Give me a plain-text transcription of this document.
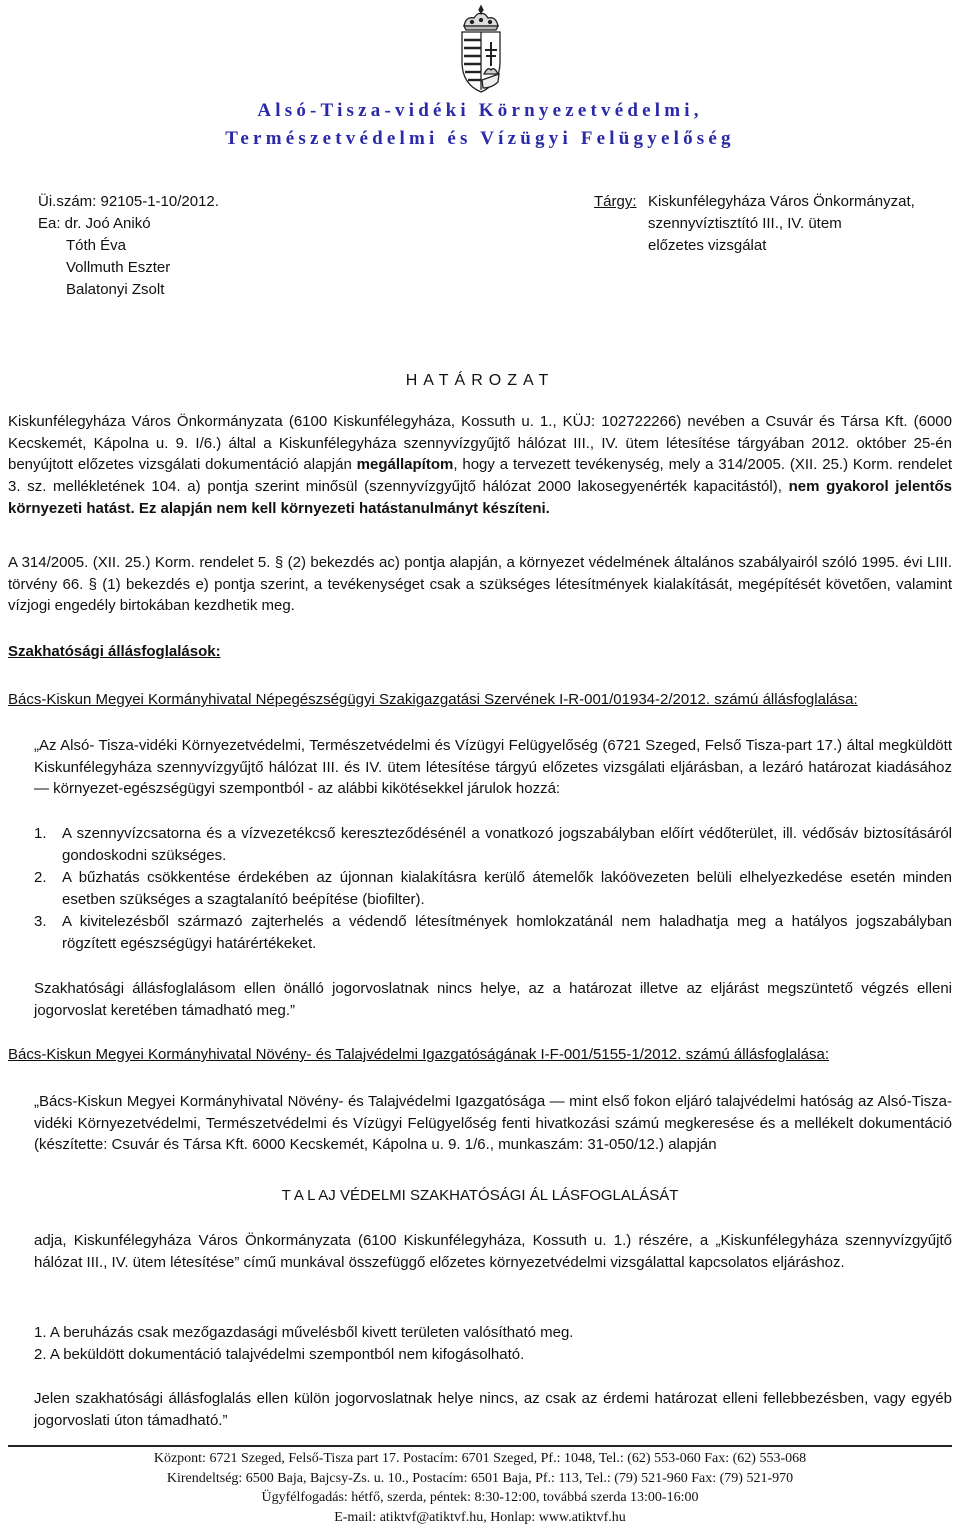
Alsó-Tisza-vidéki Környezetvédelmi,
Természetvédelmi és Vízügyi Felügyelőség
Üi.szám: 92105-1-10/2012.
Ea: dr. Joó Anikó
Tóth Éva
Vollmuth Eszter
Balatonyi Zsolt
Tárgy: Kiskunfélegyháza Város Önkormányzat,
szennyvíztisztító III., IV. ütem
előzetes vizsgálat
HATÁROZAT
Kiskunfélegyháza Város Önkormányzata (6100 Kiskunfélegyháza, Kossuth u. 1., KÜJ: 102722266) nevében a Csuvár és Társa Kft. (6000 Kecskemét, Kápolna u. 9. I/6.) által a Kiskunfélegyháza szennyvízgyűjtő hálózat III., IV. ütem létesítése tárgyában 2012. október 25-én benyújtott előzetes vizsgálati dokumentáció alapján megállapítom, hogy a tervezett tevékenység, mely a 314/2005. (XII. 25.) Korm. rendelet 3. sz. mellékletének 104. a) pontja szerint minősül (szennyvízgyűjtő hálózat 2000 lakosegyenérték kapacitástól), nem gyakorol jelentős környezeti hatást. Ez alapján nem kell környezeti hatástanulmányt készíteni.
A 314/2005. (XII. 25.) Korm. rendelet 5. § (2) bekezdés ac) pontja alapján, a környezet védelmének általános szabályairól szóló 1995. évi LIII. törvény 66. § (1) bekezdés e) pontja szerint, a tevékenységet csak a szükséges létesítmények kialakítását, megépítését követően, valamint vízjogi engedély birtokában kezdhetik meg.
Szakhatósági állásfoglalások:
Bács-Kiskun Megyei Kormányhivatal Népegészségügyi Szakigazgatási Szervének I-R-001/01934-2/2012. számú állásfoglalása:
„Az Alsó- Tisza-vidéki Környezetvédelmi, Természetvédelmi és Vízügyi Felügyelőség (6721 Szeged, Felső Tisza-part 17.) által megküldött Kiskunfélegyháza szennyvízgyűjtő hálózat III. és IV. ütem létesítése tárgyú előzetes vizsgálati eljárásban, a lezáró határozat kiadásához — környezet-egészségügyi szempontból - az alábbi kikötésekkel járulok hozzá:
1. A szennyvízcsatorna és a vízvezetékcső kereszteződésénél a vonatkozó jogszabályban előírt védőterület, ill. védősáv biztosításáról gondoskodni szükséges.
2. A bűzhatás csökkentése érdekében az újonnan kialakításra kerülő átemelők lakóövezeten belüli elhelyezkedése esetén minden esetben szükséges a szagtalanító beépítése (biofilter).
3. A kivitelezésből származó zajterhelés a védendő létesítmények homlokzatánál nem haladhatja meg a hatályos jogszabályban rögzített egészségügyi határértékeket.
Szakhatósági állásfoglalásom ellen önálló jogorvoslatnak nincs helye, az a határozat illetve az eljárást megszüntető végzés elleni jogorvoslat keretében támadható meg.”
Bács-Kiskun Megyei Kormányhivatal Növény- és Talajvédelmi Igazgatóságának I-F-001/5155-1/2012. számú állásfoglalása:
„Bács-Kiskun Megyei Kormányhivatal Növény- és Talajvédelmi Igazgatósága — mint első fokon eljáró talajvédelmi hatóság az Alsó-Tisza-vidéki Környezetvédelmi, Természetvédelmi és Vízügyi Felügyelőség fenti hivatkozási számú megkeresése és a mellékelt dokumentáció (készítette: Csuvár és Társa Kft. 6000 Kecskemét, Kápolna u. 9. 1/6., munkaszám: 31-050/12.) alapján
T A L AJ VÉDELMI SZAKHATÓSÁGI ÁL LÁSFOGLALÁSÁT
adja, Kiskunfélegyháza Város Önkormányzata (6100 Kiskunfélegyháza, Kossuth u. 1.) részére, a „Kiskunfélegyháza szennyvízgyűjtő hálózat III., IV. ütem létesítése” című munkával összefüggő előzetes környezetvédelmi vizsgálattal kapcsolatos eljáráshoz.
1. A beruházás csak mezőgazdasági művelésből kivett területen valósítható meg.
2. A beküldött dokumentáció talajvédelmi szempontból nem kifogásolható.
Jelen szakhatósági állásfoglalás ellen külön jogorvoslatnak helye nincs, az csak az érdemi határozat elleni fellebbezésben, vagy egyéb jogorvoslati úton támadható.”
Központ: 6721 Szeged, Felső-Tisza part 17. Postacím: 6701 Szeged, Pf.: 1048, Tel.: (62) 553-060 Fax: (62) 553-068
Kirendeltség: 6500 Baja, Bajcsy-Zs. u. 10., Postacím: 6501 Baja, Pf.: 113, Tel.: (79) 521-960 Fax: (79) 521-970
Ügyfélfogadás: hétfő, szerda, péntek: 8:30-12:00, továbbá szerda 13:00-16:00
E-mail: atiktvf@atiktvf.hu, Honlap: www.atiktvf.hu
